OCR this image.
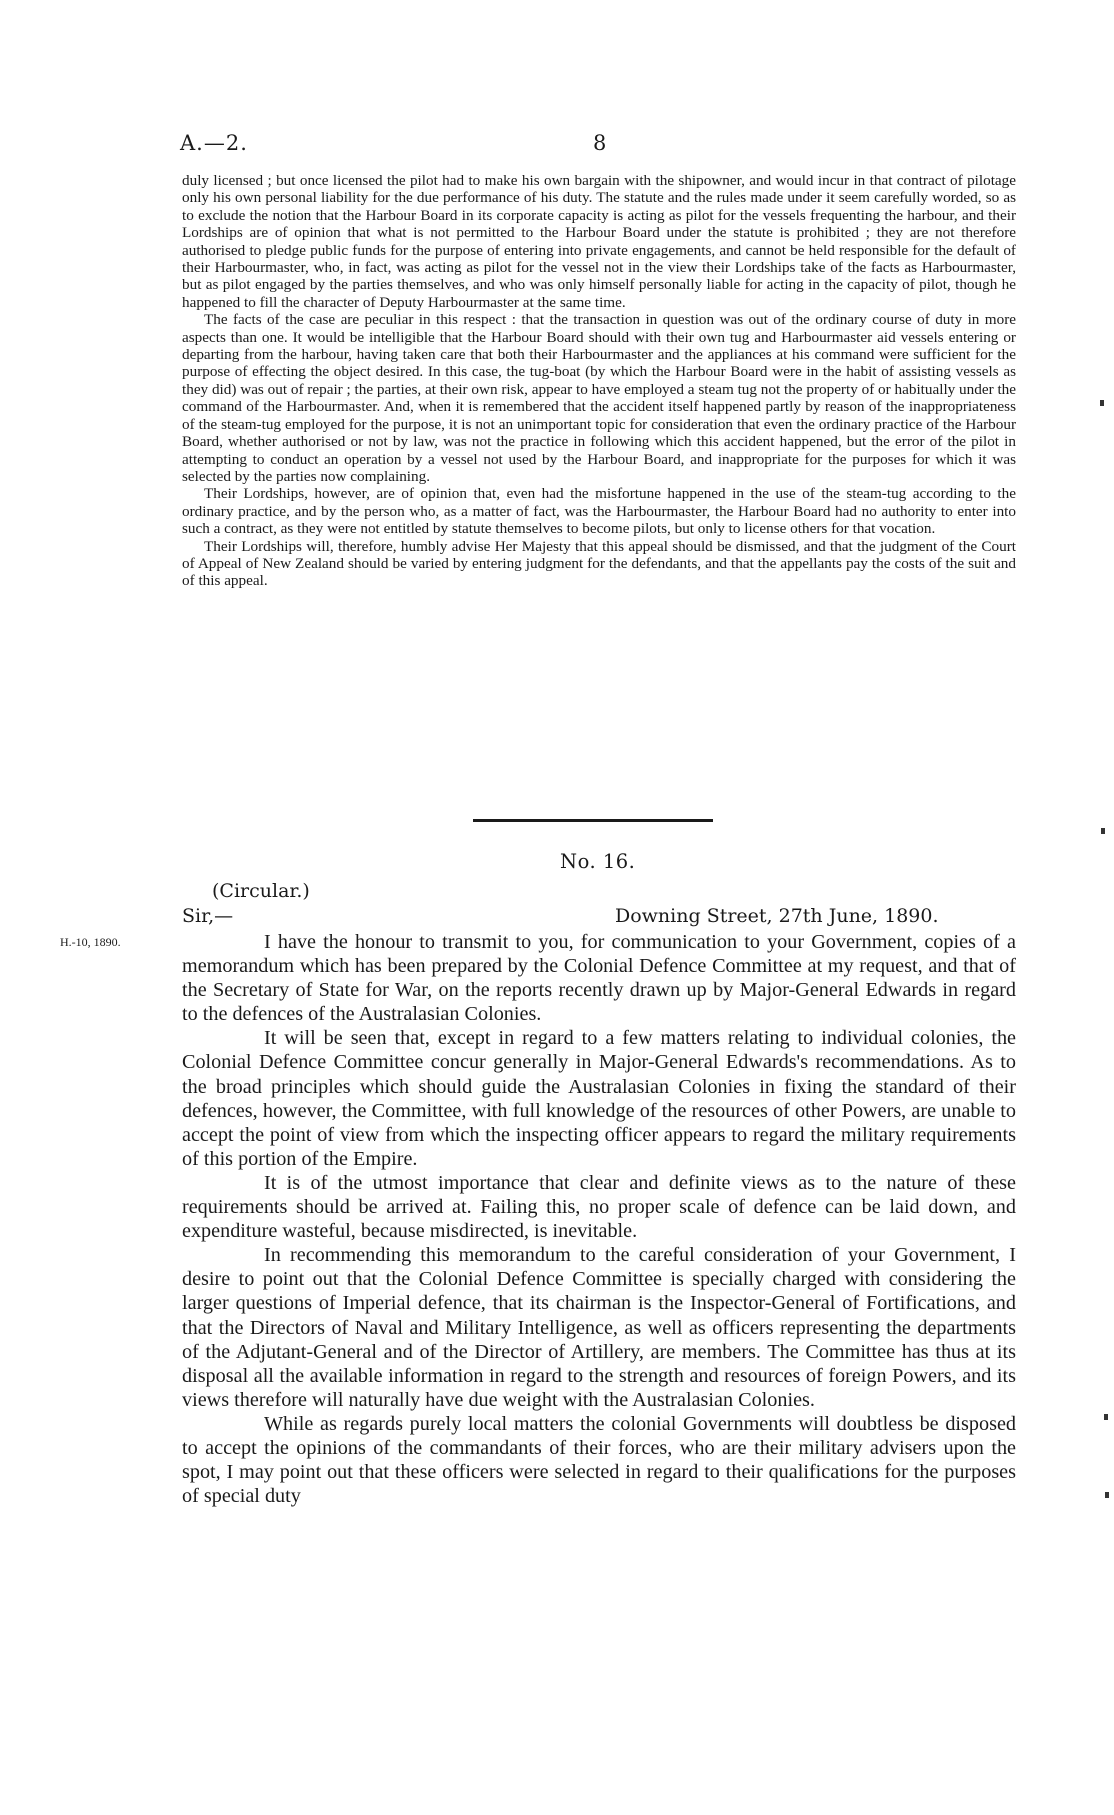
A.—2.	8

duly licensed ; but once licensed the pilot had to make his own bargain with the shipowner, and would incur in that contract of pilotage only his own personal liability for the due performance of his duty. The statute and the rules made under it seem carefully worded, so as to exclude the notion that the Harbour Board in its corporate capacity is acting as pilot for the vessels frequenting the harbour, and their Lordships are of opinion that what is not permitted to the Harbour Board under the statute is prohibited ; they are not therefore authorised to pledge public funds for the purpose of entering into private engagements, and cannot be held responsible for the default of their Harbourmaster, who, in fact, was acting as pilot for the vessel not in the view their Lordships take of the facts as Harbourmaster, but as pilot engaged by the parties themselves, and who was only himself personally liable for acting in the capacity of pilot, though he happened to fill the character of Deputy Harbourmaster at the same time.

The facts of the case are peculiar in this respect : that the transaction in question was out of the ordinary course of duty in more aspects than one. It would be intelligible that the Harbour Board should with their own tug and Harbourmaster aid vessels entering or departing from the harbour, having taken care that both their Harbourmaster and the appliances at his command were sufficient for the purpose of effecting the object desired. In this case, the tug-boat (by which the Harbour Board were in the habit of assisting vessels as they did) was out of repair ; the parties, at their own risk, appear to have employed a steam tug not the property of or habitually under the command of the Harbourmaster. And, when it is remembered that the accident itself happened partly by reason of the inappropriateness of the steam-tug employed for the purpose, it is not an unimportant topic for consideration that even the ordinary practice of the Harbour Board, whether authorised or not by law, was not the practice in following which this accident happened, but the error of the pilot in attempting to conduct an operation by a vessel not used by the Harbour Board, and inappropriate for the purposes for which it was selected by the parties now complaining.

Their Lordships, however, are of opinion that, even had the misfortune happened in the use of the steam-tug according to the ordinary practice, and by the person who, as a matter of fact, was the Harbourmaster, the Harbour Board had no authority to enter into such a contract, as they were not entitled by statute themselves to become pilots, but only to license others for that vocation.

Their Lordships will, therefore, humbly advise Her Majesty that this appeal should be dismissed, and that the judgment of the Court of Appeal of New Zealand should be varied by entering judgment for the defendants, and that the appellants pay the costs of the suit and of this appeal.

No. 16.
(Circular.)
Sir,—	Downing Street, 27th June, 1890.
H.-10, 1890.	I have the honour to transmit to you, for communication to your Government, copies of a memorandum which has been prepared by the Colonial Defence Committee at my request, and that of the Secretary of State for War, on the reports recently drawn up by Major-General Edwards in regard to the defences of the Australasian Colonies.

It will be seen that, except in regard to a few matters relating to individual colonies, the Colonial Defence Committee concur generally in Major-General Edwards's recommendations. As to the broad principles which should guide the Australasian Colonies in fixing the standard of their defences, however, the Committee, with full knowledge of the resources of other Powers, are unable to accept the point of view from which the inspecting officer appears to regard the military requirements of this portion of the Empire.

It is of the utmost importance that clear and definite views as to the nature of these requirements should be arrived at. Failing this, no proper scale of defence can be laid down, and expenditure wasteful, because misdirected, is inevitable.

In recommending this memorandum to the careful consideration of your Government, I desire to point out that the Colonial Defence Committee is specially charged with considering the larger questions of Imperial defence, that its chairman is the Inspector-General of Fortifications, and that the Directors of Naval and Military Intelligence, as well as officers representing the departments of the Adjutant-General and of the Director of Artillery, are members. The Committee has thus at its disposal all the available information in regard to the strength and resources of foreign Powers, and its views therefore will naturally have due weight with the Australasian Colonies.

While as regards purely local matters the colonial Governments will doubtless be disposed to accept the opinions of the commandants of their forces, who are their military advisers upon the spot, I may point out that these officers were selected in regard to their qualifications for the purposes of special duty
